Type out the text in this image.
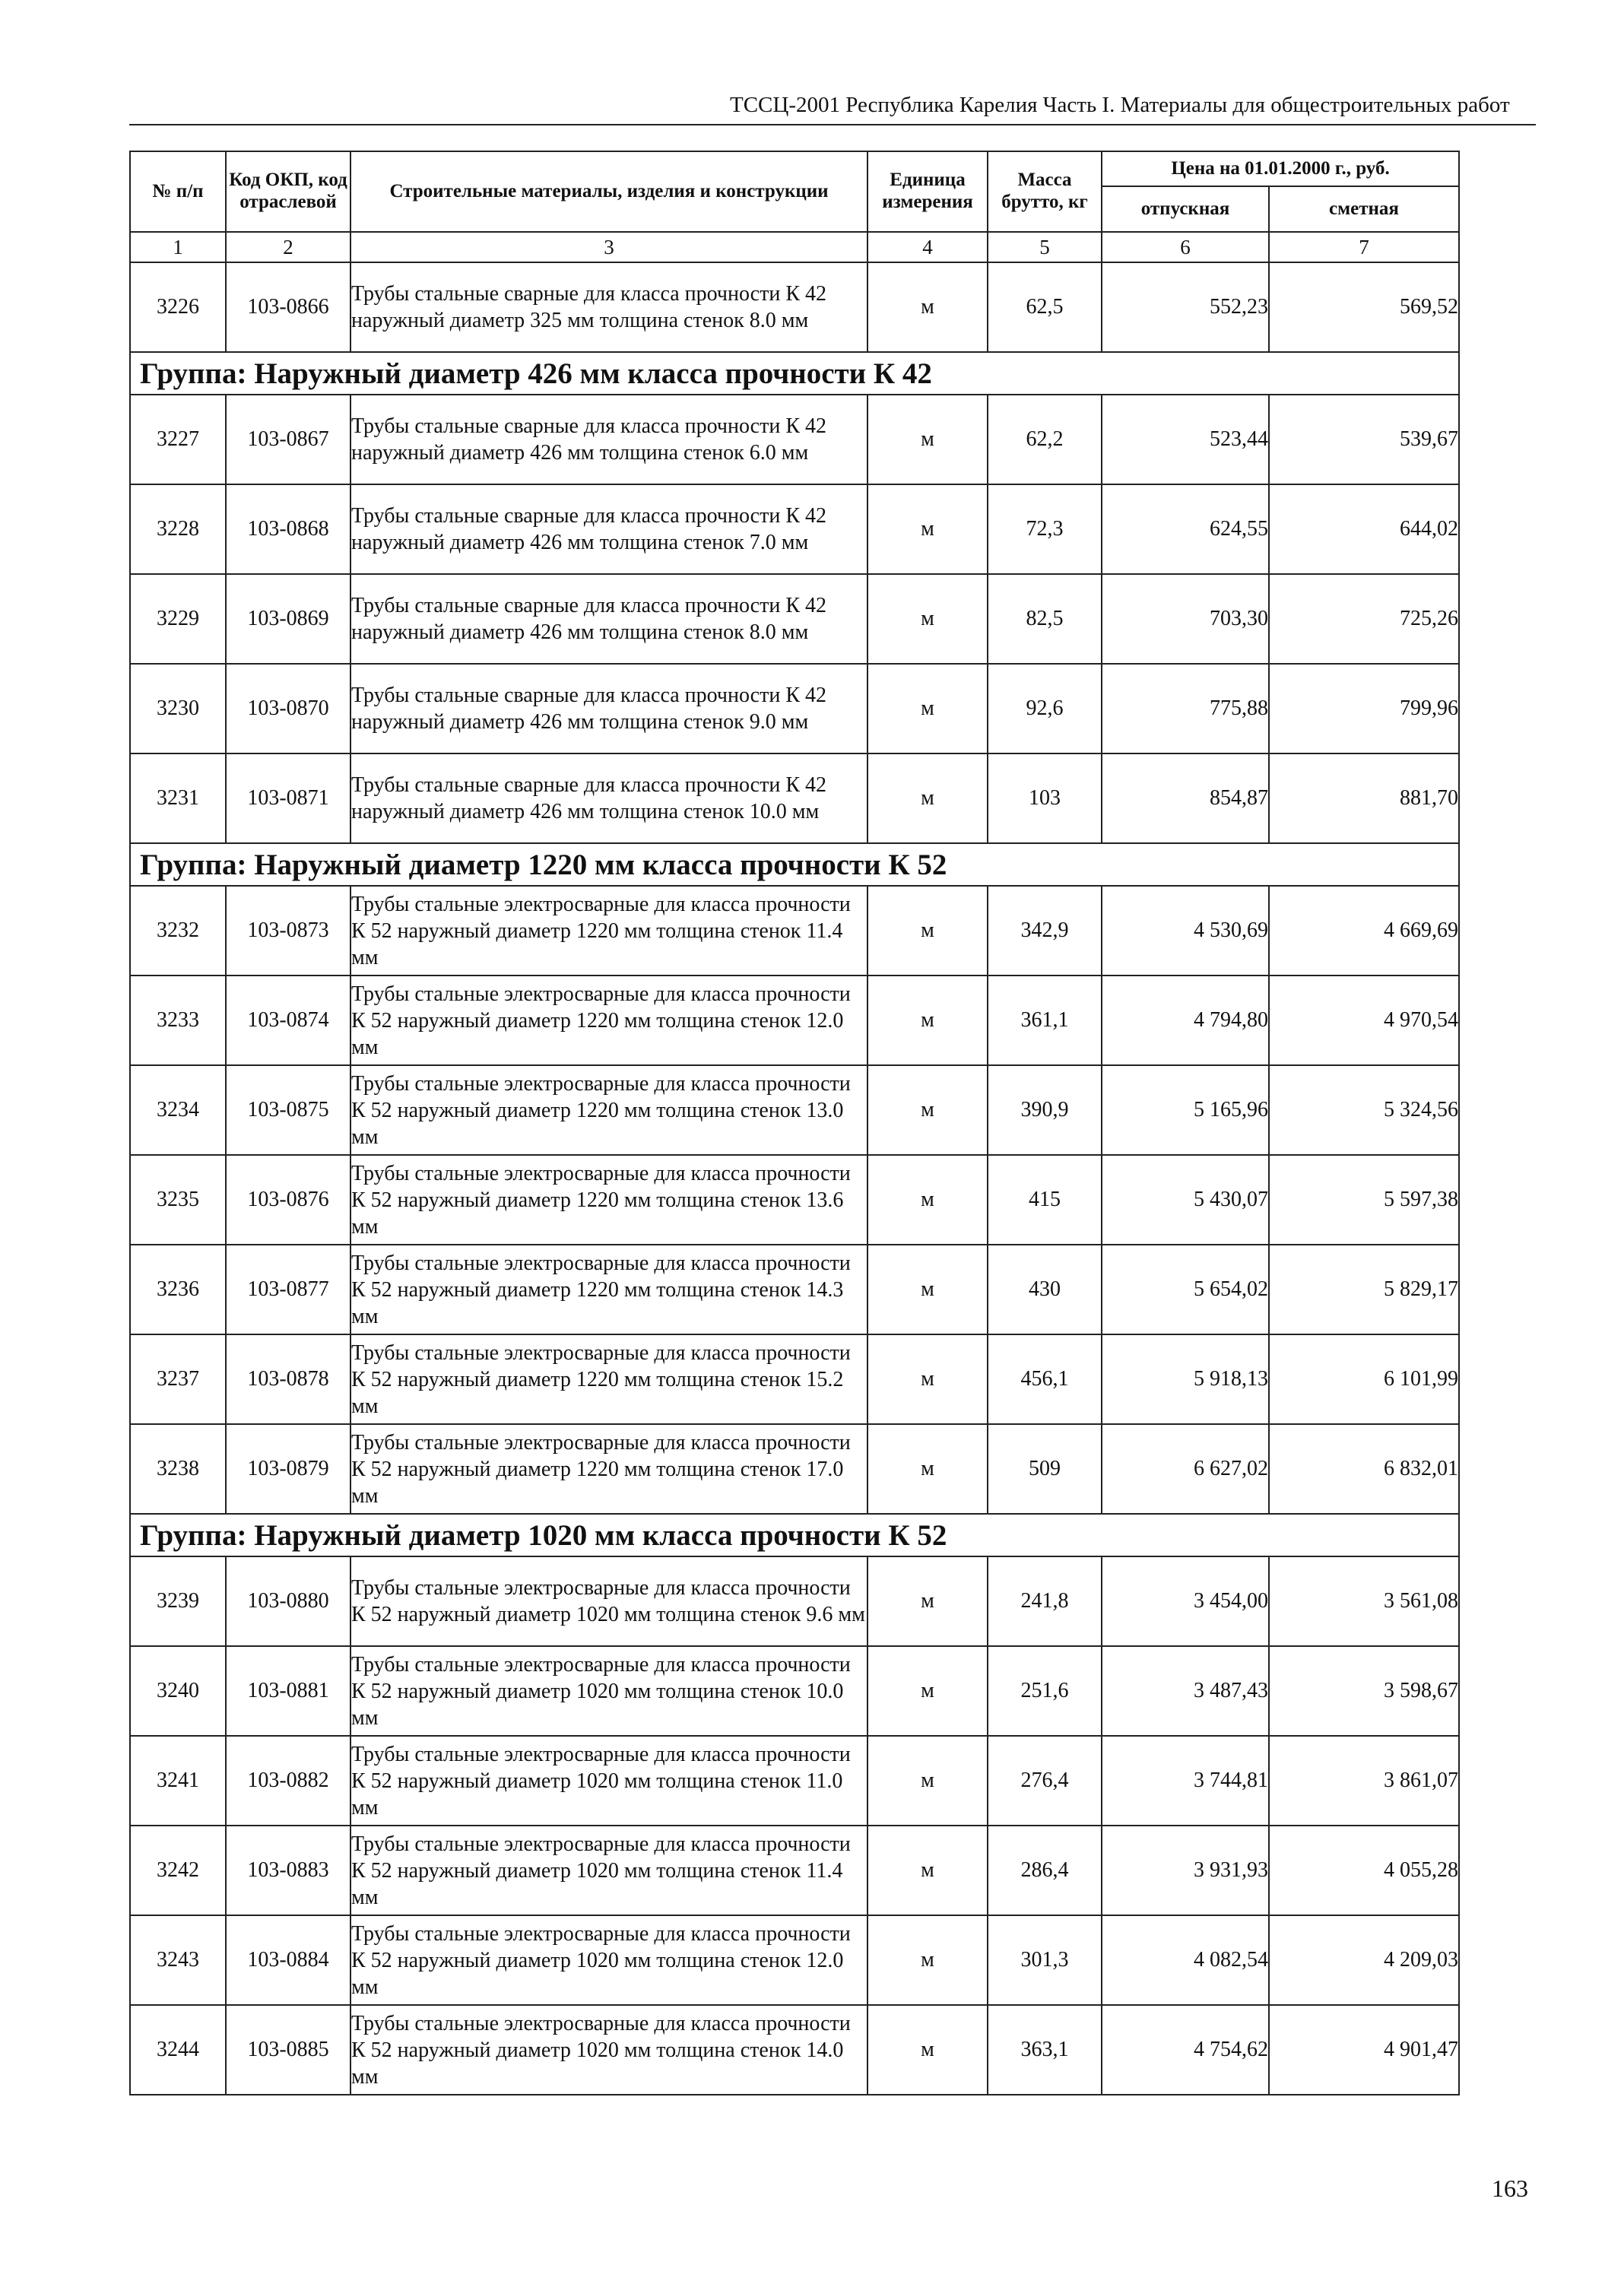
ТССЦ-2001 Республика Карелия Часть I. Материалы для общестроительных работ
№ п/п	Код ОКП, код отраслевой	Строительные материалы, изделия и конструкции	Единица измерения	Масса брутто, кг	Цена на 01.01.2000 г., руб.	
					отпускная	сметная
1	2	3	4	5	6	7
3226	103-0866	Трубы стальные сварные для класса прочности К 42 наружный диаметр 325 мм толщина стенок 8.0 мм	м	62,5	552,23	569,52
Группа: Наружный диаметр 426 мм класса прочности К 42						
3227	103-0867	Трубы стальные сварные для класса прочности К 42 наружный диаметр 426 мм толщина стенок 6.0 мм	м	62,2	523,44	539,67
3228	103-0868	Трубы стальные сварные для класса прочности К 42 наружный диаметр 426 мм толщина стенок 7.0 мм	м	72,3	624,55	644,02
3229	103-0869	Трубы стальные сварные для класса прочности К 42 наружный диаметр 426 мм толщина стенок 8.0 мм	м	82,5	703,30	725,26
3230	103-0870	Трубы стальные сварные для класса прочности К 42 наружный диаметр 426 мм толщина стенок 9.0 мм	м	92,6	775,88	799,96
3231	103-0871	Трубы стальные сварные для класса прочности К 42 наружный диаметр 426 мм толщина стенок 10.0 мм	м	103	854,87	881,70
Группа: Наружный диаметр 1220 мм класса прочности К 52						
3232	103-0873	Трубы стальные электросварные для класса прочности К 52 наружный диаметр 1220 мм толщина стенок 11.4 мм	м	342,9	4 530,69	4 669,69
3233	103-0874	Трубы стальные электросварные для класса прочности К 52 наружный диаметр 1220 мм толщина стенок 12.0 мм	м	361,1	4 794,80	4 970,54
3234	103-0875	Трубы стальные электросварные для класса прочности К 52 наружный диаметр 1220 мм толщина стенок 13.0 мм	м	390,9	5 165,96	5 324,56
3235	103-0876	Трубы стальные электросварные для класса прочности К 52 наружный диаметр 1220 мм толщина стенок 13.6 мм	м	415	5 430,07	5 597,38
3236	103-0877	Трубы стальные электросварные для класса прочности К 52 наружный диаметр 1220 мм толщина стенок 14.3 мм	м	430	5 654,02	5 829,17
3237	103-0878	Трубы стальные электросварные для класса прочности К 52 наружный диаметр 1220 мм толщина стенок 15.2 мм	м	456,1	5 918,13	6 101,99
3238	103-0879	Трубы стальные электросварные для класса прочности К 52 наружный диаметр 1220 мм толщина стенок 17.0 мм	м	509	6 627,02	6 832,01
Группа: Наружный диаметр 1020 мм класса прочности К 52						
3239	103-0880	Трубы стальные электросварные для класса прочности К 52 наружный диаметр 1020 мм толщина стенок 9.6 мм	м	241,8	3 454,00	3 561,08
3240	103-0881	Трубы стальные электросварные для класса прочности К 52 наружный диаметр 1020 мм толщина стенок 10.0 мм	м	251,6	3 487,43	3 598,67
3241	103-0882	Трубы стальные электросварные для класса прочности К 52 наружный диаметр 1020 мм толщина стенок 11.0 мм	м	276,4	3 744,81	3 861,07
3242	103-0883	Трубы стальные электросварные для класса прочности К 52 наружный диаметр 1020 мм толщина стенок 11.4 мм	м	286,4	3 931,93	4 055,28
3243	103-0884	Трубы стальные электросварные для класса прочности К 52 наружный диаметр 1020 мм толщина стенок 12.0 мм	м	301,3	4 082,54	4 209,03
3244	103-0885	Трубы стальные электросварные для класса прочности К 52 наружный диаметр 1020 мм толщина стенок 14.0 мм	м	363,1	4 754,62	4 901,47
163
